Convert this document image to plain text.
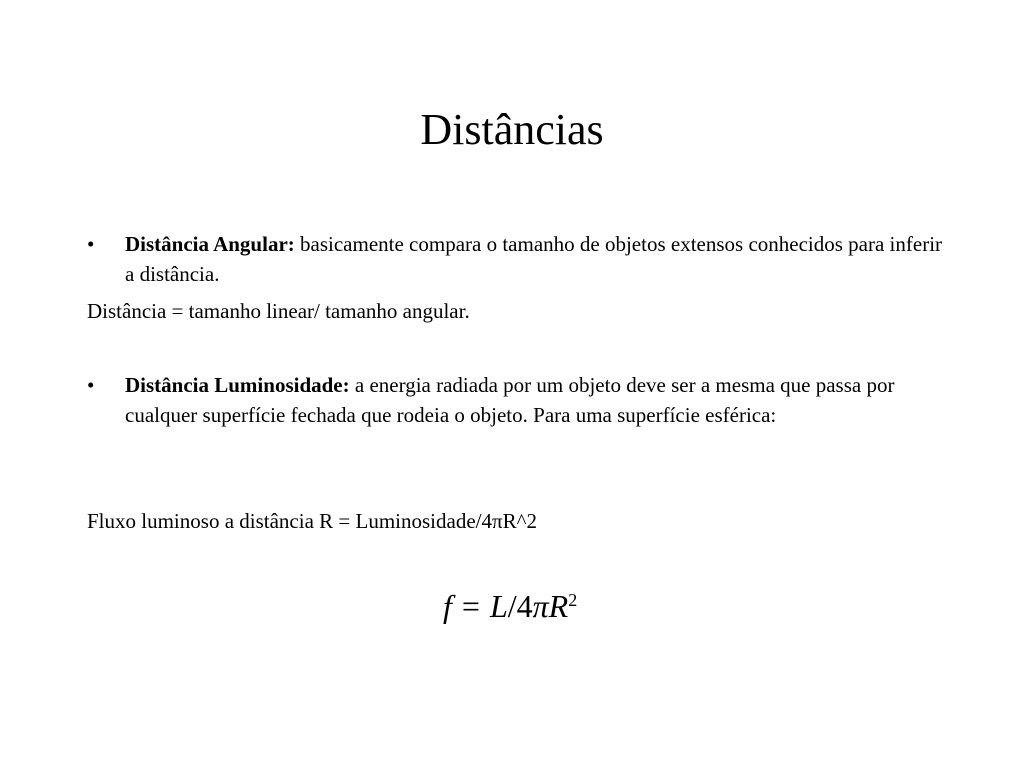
Distâncias
• Distância Angular: basicamente compara o tamanho de objetos extensos conhecidos para inferir a distância.
Distância = tamanho linear/ tamanho angular.
• Distância Luminosidade: a energia radiada por um objeto deve ser a mesma que passa por cualquer superfície fechada que rodeia o objeto. Para uma superfície esférica:
Fluxo luminoso a distância R = Luminosidade/4πR^2
$f = L/4\pi R^2$
